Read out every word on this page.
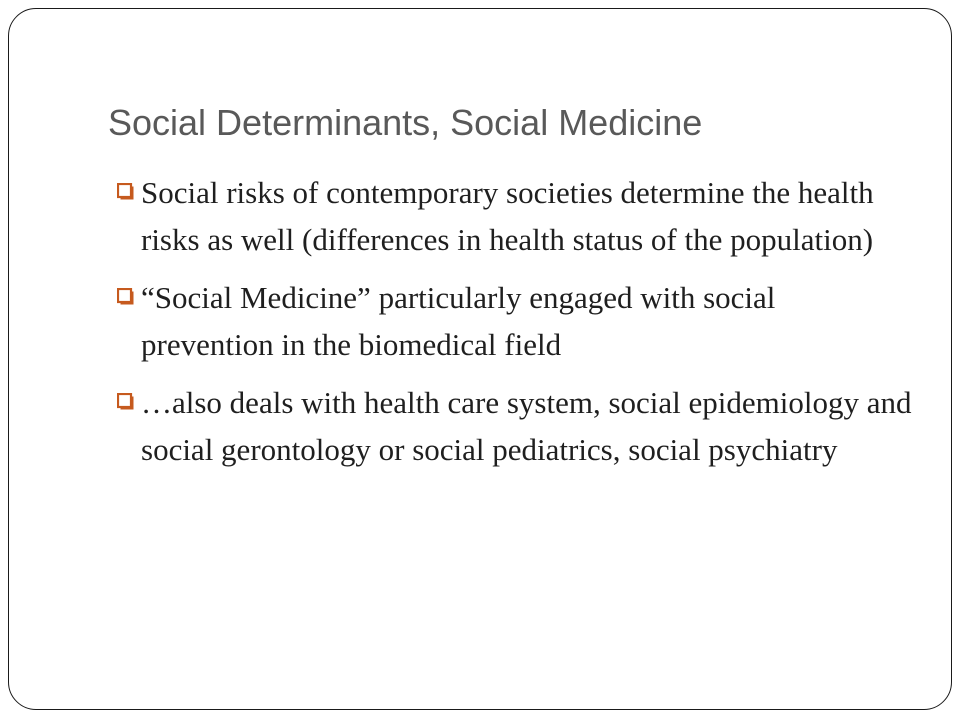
Social Determinants, Social Medicine
Social risks of contemporary societies determine the health risks as well (differences in health status of the population)
“Social Medicine” particularly engaged with social prevention in the biomedical field
…also deals with health care system, social epidemiology and social gerontology or social pediatrics, social psychiatry
